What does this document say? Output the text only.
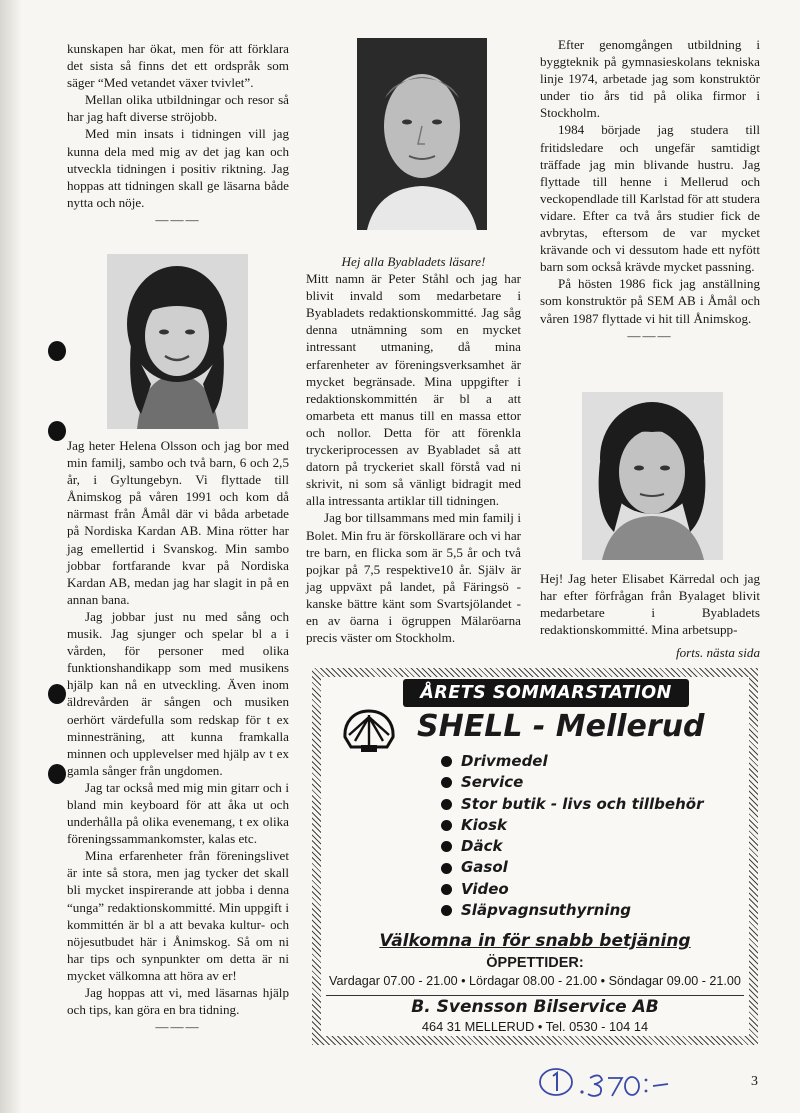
kunskapen har ökat, men för att förklara det sista så finns det ett ordspråk som säger “Med vetandet växer tvivlet”.

Mellan olika utbildningar och resor så har jag haft diverse ströjobb.

Med min insats i tidningen vill jag kunna dela med mig av det jag kan och utveckla tidningen i positiv riktning. Jag hoppas att tidningen skall ge läsarna både nytta och nöje.

———

Jag heter Helena Olsson och jag bor med min familj, sambo och två barn, 6 och 2,5 år, i Gyltungebyn. Vi flyttade till Ånimskog på våren 1991 och kom då närmast från Åmål där vi båda arbetade på Nordiska Kardan AB. Mina rötter har jag emellertid i Svanskog. Min sambo jobbar fortfarande kvar på Nordiska Kardan AB, medan jag har slagit in på en annan bana.

Jag jobbar just nu med sång och musik. Jag sjunger och spelar bl a i vården, för personer med olika funktionshandikapp som med musikens hjälp kan nå en utveckling. Även inom äldrevården är sången och musiken oerhört värdefulla som redskap för t ex minnesträning, att kunna framkalla minnen och upplevelser med hjälp av t ex gamla sånger från ungdomen.

Jag tar också med mig min gitarr och i bland min keyboard för att åka ut och underhålla på olika evenemang, t ex olika föreningssammankomster, kalas etc.

Mina erfarenheter från föreningslivet är inte så stora, men jag tycker det skall bli mycket inspirerande att jobba i denna “unga” redaktionskommitté. Min uppgift i kommittén är bl a att bevaka kultur- och nöjesutbudet här i Ånimskog. Så om ni har tips och synpunkter om detta är ni mycket välkomna att höra av er!

Jag hoppas att vi, med läsarnas hjälp och tips, kan göra en bra tidning.

———

Hej alla Byabladets läsare!

Mitt namn är Peter Ståhl och jag har blivit invald som medarbetare i Byabladets redaktionskommitté. Jag såg denna utnämning som en mycket intressant utmaning, då mina erfarenheter av föreningsverksamhet är mycket begränsade. Mina uppgifter i redaktionskommittén är bl a att omarbeta ett manus till en massa ettor och nollor. Detta för att förenkla tryckeriprocessen av Byabladet så att datorn på tryckeriet skall förstå vad ni skrivit, ni som så vänligt bidragit med alla intressanta artiklar till tidningen.

Jag bor tillsammans med min familj i Bolet. Min fru är förskollärare och vi har tre barn, en flicka som är 5,5 år och två pojkar på 7,5 respektive10 år. Själv är jag uppväxt på landet, på Färingsö - kanske bättre känt som Svartsjölandet - en av öarna i ögruppen Mälaröarna precis väster om Stockholm.

Efter genomgången utbildning i byggteknik på gymnasieskolans tekniska linje 1974, arbetade jag som konstruktör under tio års tid på olika firmor i Stockholm.

1984 började jag studera till fritidsledare och ungefär samtidigt träffade jag min blivande hustru. Jag flyttade till henne i Mellerud och veckopendlade till Karlstad för att studera vidare. Efter ca två års studier fick de avbrytas, eftersom de var mycket krävande och vi dessutom hade ett nyfött barn som också krävde mycket passning.

På hösten 1986 fick jag anställning som konstruktör på SEM AB i Åmål och våren 1987 flyttade vi hit till Ånimskog.

———

Hej! Jag heter Elisabet Kärredal och jag har efter förfrågan från Byalaget blivit medarbetare i Byabladets redaktionskommitté. Mina arbetsupp-

forts. nästa sida

ÅRETS SOMMARSTATION
SHELL - Mellerud
Drivmedel
Service
Stor butik - livs och tillbehör
Kiosk
Däck
Gasol
Video
Släpvagnsuthyrning
Välkomna in för snabb betjäning
ÖPPETTIDER:
Vardagar 07.00 - 21.00 • Lördagar 08.00 - 21.00 • Söndagar 09.00 - 21.00
B. Svensson Bilservice AB
464 31 MELLERUD • Tel. 0530 - 104 14
3
